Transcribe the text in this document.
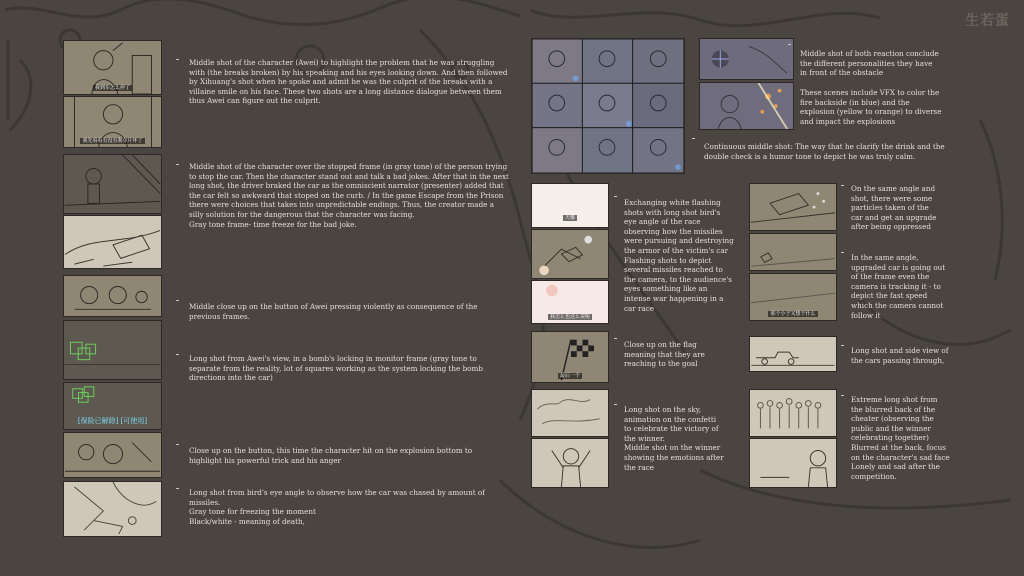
生若蛋
我到车怎么停了
我先看看有没有刹车片坏了
[保险已解除] [可使用]
Middle shot of the character (Awei) to highlight the problem that he was struggling with (the breaks broken) by his speaking and his eyes looking down. And then followed by Xihuang's shot when he spoke and admit he was the culprit of the breaks with a villaine smile on his face. These two shots are a long distance dialogue between them thus Awei can figure out the culprit.

Middle shot of the character over the stopped frame (in gray tone) of the person trying to stop the car. Then the character stand out and talk a bad jokes. After that in the next long shot, the driver braked the car as the omniscient narrator (presenter) added that the car felt so awkward that stoped on the curb. / In the game Escape from the Prison there were choices that takes into unpredictable endings. Thus, the creator made a silly solution for the dangerous that the character was facing.

Gray tone frame- time freeze for the bad joke.

Middle close up on the button of Awei pressing violently as consequence of the previous frames.
Long shot from Awei's view, in a bomb's locking in monitor frame (gray tone to separate from the reality, lot of squares working as the system locking the bomb directions into the car)
Close up on the button, this time the character hit on the explosion bottom to highlight his powerful trick and his anger

Long shot from bird's eye angle to observe how the car was chased by amount of missiles.

Gray tone for freezing the moment

Black/white - meaning of death,

Middle shot of both reaction conclude the different personalities they have in front of the obstacle
These scenes include VFX to color the fire backside (in blue) and the explosion (yellow to orange) to diverse and impact the explosions
Continuous middle shot: The way that he clarify the drink and the double check is a humor tone to depict he was truly calm.
天哪
我怎么也这么说呢

Exchanging white flashing shots with long shot bird's eye angle of the race observing how the missiles were pursuing and destroying the armor of the victim's car

Flashing shots to depict several missiles reached to the camera, to the audience's eyes something like an intense war happening in a car race

最后一个
Close up on the flag meaning that they are reaching to the goal

Long shot on the sky, animation on the confetti to celebrate the victory of the winner.

Middle shot on the winner showing the emotions after the race

那个小子又想干什么
On the same angle and shot, there were some particles taken of the car and get an upgrade after being oppressed
In the same angle, upgraded car is going out of the frame even the camera is tracking it - to depict the fast speed which the camera cannot follow it
Long shot and side view of the cars passing through,

Extreme long shot from the blurred back of the cheater (observing the public and the winner celebrating together)

Blurred at the back, focus on the character's sad face

Lonely and sad after the competition.
